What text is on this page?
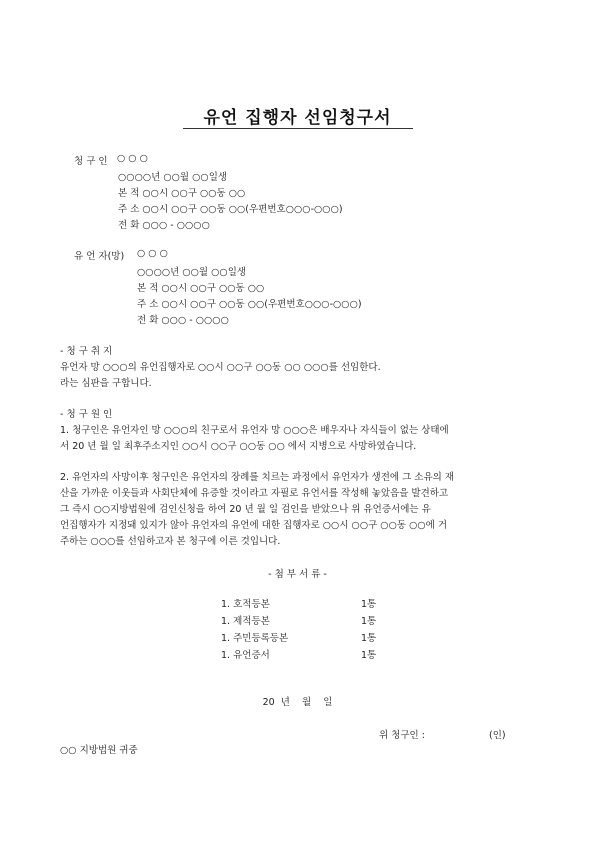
유언 집행자 선임청구서
청 구 인 ○ ○ ○
○○○○년 ○○월 ○○일생
본 적 ○○시 ○○구 ○○동 ○○
주 소 ○○시 ○○구 ○○동 ○○(우편번호○○○-○○○)
전 화 ○○○ - ○○○○
유 언 자(망) ○ ○ ○
○○○○년 ○○월 ○○일생
본 적 ○○시 ○○구 ○○동 ○○
주 소 ○○시 ○○구 ○○동 ○○(우편번호○○○-○○○)
전 화 ○○○ - ○○○○
- 청 구 취 지
유언자 망 ○○○의 유언집행자로 ○○시 ○○구 ○○동 ○○ ○○○를 선임한다.
라는 심판을 구합니다.
- 청 구 원 인
1. 청구인은 유언자인 망 ○○○의 친구로서 유언자 망 ○○○은 배우자나 자식들이 없는 상태에
서 20 년 월 일 최후주소지인 ○○시 ○○구 ○○동 ○○ 에서 지병으로 사망하였습니다.
2. 유언자의 사망이후 청구인은 유언자의 장례를 치르는 과정에서 유언자가 생전에 그 소유의 재
산을 가까운 이웃들과 사회단체에 유증할 것이라고 자필로 유언서를 작성해 놓았음을 발견하고
그 즉시 ○○지방법원에 검인신청을 하여 20 년 월 일 검인을 받았으나 위 유언증서에는 유
언집행자가 지정돼 있지가 않아 유언자의 유언에 대한 집행자로 ○○시 ○○구 ○○동 ○○에 거
주하는 ○○○를 선임하고자 본 청구에 이른 것입니다.
- 첨 부 서 류 -
1. 호적등본	1통
1. 제적등본	1통
1. 주민등록등본	1통
1. 유언증서	1통
20  년    월    일
위 청구인 :	(인)
○○ 지방법원 귀중
